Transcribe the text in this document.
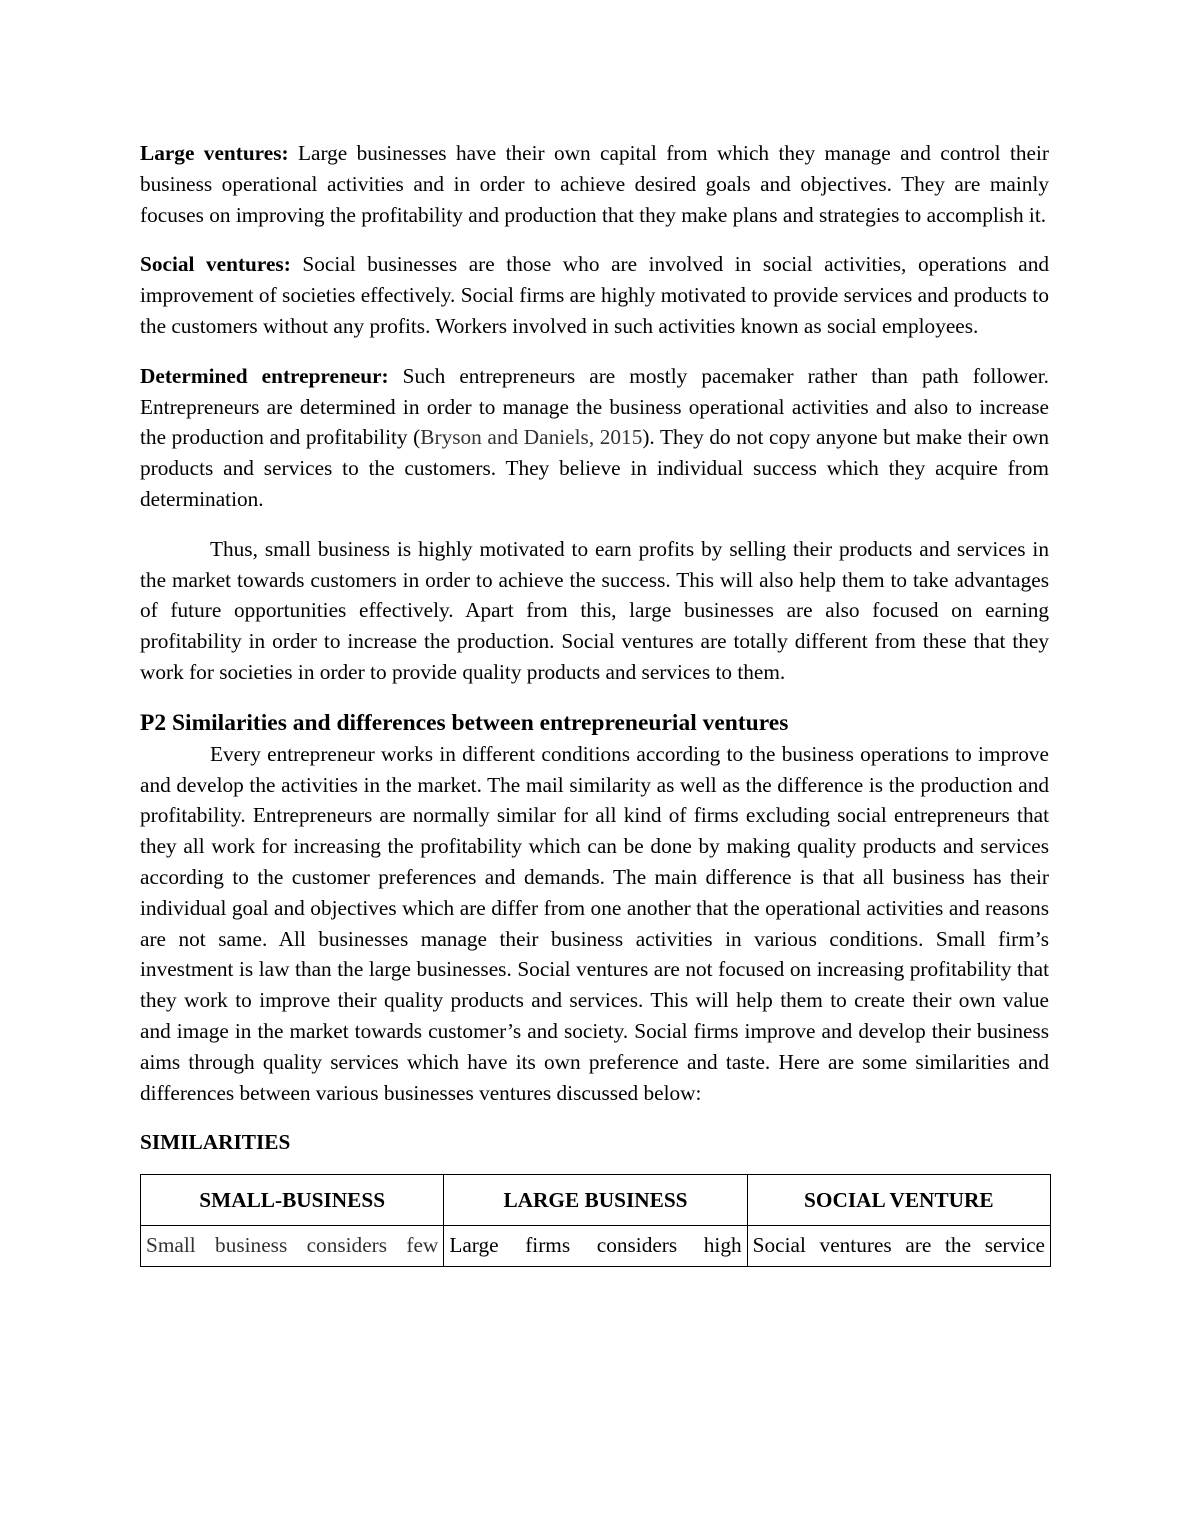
Large ventures: Large businesses have their own capital from which they manage and control their business operational activities and in order to achieve desired goals and objectives. They are mainly focuses on improving the profitability and production that they make plans and strategies to accomplish it.

Social ventures: Social businesses are those who are involved in social activities, operations and improvement of societies effectively. Social firms are highly motivated to provide services and products to the customers without any profits. Workers involved in such activities known as social employees.

Determined entrepreneur: Such entrepreneurs are mostly pacemaker rather than path follower. Entrepreneurs are determined in order to manage the business operational activities and also to increase the production and profitability (Bryson and Daniels, 2015). They do not copy anyone but make their own products and services to the customers. They believe in individual success which they acquire from determination.

Thus, small business is highly motivated to earn profits by selling their products and services in the market towards customers in order to achieve the success. This will also help them to take advantages of future opportunities effectively. Apart from this, large businesses are also focused on earning profitability in order to increase the production. Social ventures are totally different from these that they work for societies in order to provide quality products and services to them.

P2 Similarities and differences between entrepreneurial ventures

Every entrepreneur works in different conditions according to the business operations to improve and develop the activities in the market. The mail similarity as well as the difference is the production and profitability. Entrepreneurs are normally similar for all kind of firms excluding social entrepreneurs that they all work for increasing the profitability which can be done by making quality products and services according to the customer preferences and demands. The main difference is that all business has their individual goal and objectives which are differ from one another that the operational activities and reasons are not same. All businesses manage their business activities in various conditions. Small firm’s investment is law than the large businesses. Social ventures are not focused on increasing profitability that they work to improve their quality products and services. This will help them to create their own value and image in the market towards customer’s and society. Social firms improve and develop their business aims through quality services which have its own preference and taste. Here are some similarities and differences between various businesses ventures discussed below:

SIMILARITIES

SMALL-BUSINESS	LARGE BUSINESS	SOCIAL VENTURE
Small business considers few	Large firms considers high	Social ventures are the service
